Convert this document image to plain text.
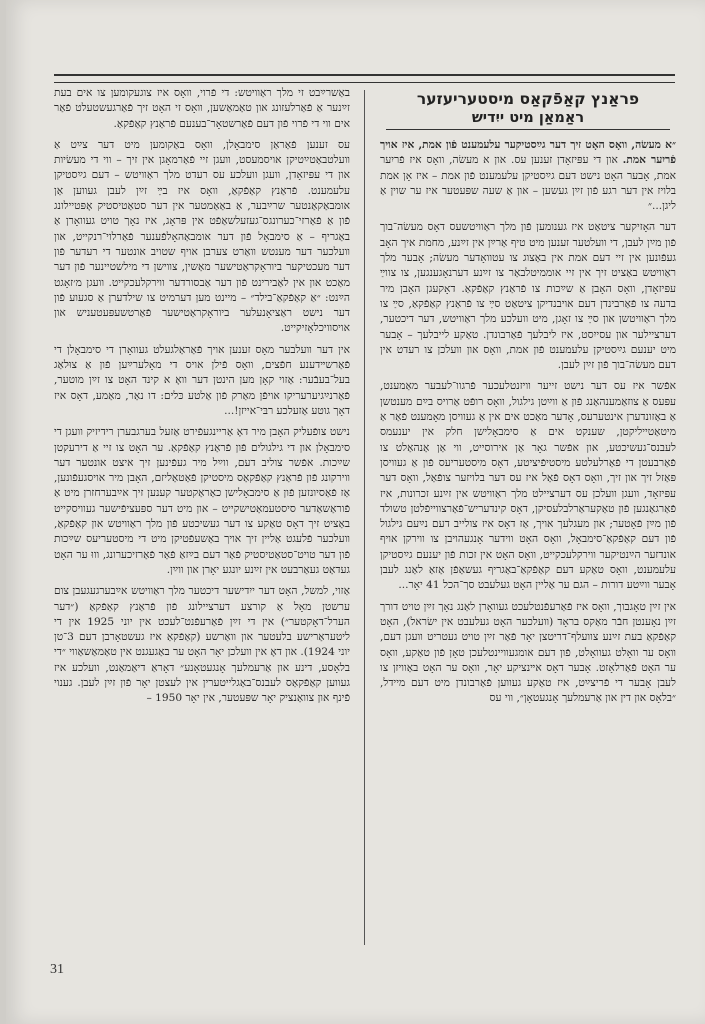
פראַנץ קאַפֿקאַס מיסטעריעזער
ראַמאַן מיט ייִדיש

״א מעשׂה, וואָס האָט זיך דער גײַסטיקער עלעמענט פֿון אמת, איז אויך פֿריִער אמת. און די עפּיזאָדן זענען עס. און א מעשׂה, וואָס איז פֿריִער אמת, אָבער האָט נישט דעם גײַסטיקן עלעמענט פֿון אמת – איז אָן אמת בלויז אין דער רגע פֿון זײַן געשען – און אַ שעה שפּעטער איז ער שוין אַ ליגן...״

דער האָזיקער ציטאַט איז גענומען פֿון מלך ראַוויטשעס דאָס מעשׂה־בוך פֿון מײַן לעבן, די וועלטער זענען מיט טיף אַרײַן אין זײַנע, מחמת איך האָב געפֿונען אין זיי דעם אמת אין באַצוג צו עטוואָדער מעשׂה; אָבער מלך ראַוויטש באַציט זיך אין זיי אוממיטלבאַר צו זײַנע דערנאָגענגען, צו צווײַ עפּיזאָדן, וואָס האָבן אַ שײַכות צו פֿראַנץ קאַפֿקאַ. דאָקעגן האָבן מיר בדעה צו פֿאַרבינדן דעם אויבנדיקן ציטאַט סײַ צו פֿראַנץ קאַפֿקאַ, סײַ צו מלך ראַוויטשן און סײַ צו זאָגן, מיט וועלכע מלך ראַוויטש, דער דיכטער, דערציילער און עסייִסט, איז ליבלעך פֿאַרבונדן. טאַקע לייבלעך – אָבער מיט יענעם גײַסטיקן עלעמענט פֿון אמת, וואָס און וועלכן צו רעדט אין דעם מעשׂה־בוך פֿון זײַן לעבן.

אפֿשר איז עס דער נישט זייער וויזנטלעכער פֿרגוו־לעבער מאַמענט, עפּעס אַ צוזאַמענהאַנג פֿון אַ ווײַטן גילגול, וואָס רופֿט אַרויס בײַם מענטשן אַ באַזונדערן אינטערעס, אָדער מאַכט אים אין אַ געוויסן מאָמענט פֿאַר אַ מיטאַטייליקטן, שענקט אים אַ סימבאָלישן חלק אין יענעמס לעבנס־געשיכטע, און אפֿשר גאָר אַן אירוסייט, ווי אַן אַנהאַלט צו פֿאַרבעטן די פֿאַרלעלטע מיסטיפֿיציטע, דאָס מיסטעריעס פֿון אַ געוויסן פּאַזל זיך און זיך, וואָס דאָס פֿאַל איז עס דער בלויזער צופֿאַל, וואָס דער עפּיזאָד, וועגן וועלכן עס דערציילט מלך ראַוויטש אין זײַנע זכרונות, איז פֿאַרגאַנגען פֿון טאַקעראַרלבלעסיקן, דאָס קינדעריש־פֿאַרצווייפֿלטן טשולד פֿון מײַן פֿאָטער; און מעגלעך אויך, אַז דאָס איז צולייב דעם נײַעם גילגול פֿון דעם קאַפֿקאַ־סימבאָל, וואָס האָט ווידער אָנגעהויבן צו ווירקן אויף אונדזער הײַנטיקער ווירקלעכקייט, וואָס האָט אין זכות פֿון יענעם גײַסטיקן עלעמענט, וואָס טאַקע דעם קאַפֿקאַ־באַגריף געשאַפֿן אַזאַ לאַנג לעבן אָבער ווײַטע דורות – הגם ער אַליין האָט געלעבט סך־הכל 41 יאָר...

אין זײַן טאָגבוך, וואָס איז פֿאַרעפֿנטלעכט געוואָרן לאַנג נאָך זײַן טויט דורך זײַן נאָענטן חבֿר מאַקס בראָד (וועלכער האָט געלעבט אין ישׂראל), האָט קאַפֿקאַ בעת זײַנע צוועלף־דריטצן יאָר פֿאַר זײַן טויט געטריט וועגן דעם, וואָס ער וואָלט געוואָלט, פֿון דעם אומגעוויינטלעכן טאָן פֿון טאַקע, וואָס ער האָט פֿאַרלאָזט. אָבער דאָס אײנציקע יאָר, וואָס ער האָט באַוויזן צו לעבן אָבער די פֿריצײַט, איז טאַקע געווען פֿאַרבונדן מיט דעם מיידל, ״בלאָס און דין און אַרעמלעך אָנגעטאָן״, ווי עס

באַשרײַבט זי מלך ראַוויטש: די פֿרוי, וואָס איז צוגעקומען צו אים בעת זײַנער אַ פֿאַרלעזונג און טאַמאַשען, וואָס זי האָט זיך פֿאַרגעשטעלט פֿאַר אים ווי די פֿרוי פֿון דעם פֿאַרשטאָר־בענעם פֿראַנץ קאַפֿקאַ.

עס זענען פֿאַראַן סימבאָלן, וואָס באַקומען מיט דער צײַט אַ וועלטבאַטײַטיקן אויסמעסט, וועגן זיי פֿאַרמאָגן אין זיך – ווי די מעשׂיות און די עפּיזאָדן, וועגן וועלכע עס רעדט מלך ראַוויטש – דעם גײַסטיקן עלעמענט. פֿראַנץ קאַפֿקאַ, וואָס איז בײַ זײַן לעבן געווען אַן אומבאַקאַנטער שרײַבער, אַ באַאַמטער אין דער סטאַטיסטיק אָפּטיילונג פֿון אַ פֿאַרזי־כערונגס־געזעלשאַפֿט אין פּראָג, איז נאָך טויט געוואָרן אַ באַגריף – אַ סימבאָל פֿון דער אומבאַהאָלפֿענער פֿאַרלוי־רנקייט, און וועלכער דער מענטש וואַרט צערבן אויף שטויב אונטער די רעדער פֿון דער מעכטיקער ביוראָקראַטישער מאַשין, צווישן די מילשטיינער פֿון דער מאַכט און אין לאַבירינט פֿון דער אַבסורדער ווירקלעכקייט. וועגן מ׳זאָגט הײַנט: ״אַ קאַפֿקאַ־בילד״ – מיינט מען דערמיט צו שילדערן אַ סגעוע פֿון דער נישט ראַציאָנעלער ביוראָקראַטישער פֿאַרטשעפּעטעניש און אויסוויכלאָזיקייט.

אין דער וועלבער מאָס זענען אויך פֿאַראַלגעלט געוואָרן די סימבאָלן די פֿאַרשײדענע חפֿצים, וואָס פֿילן אויס די מאָלערײַען פֿון אַ צוּלאַג בעל־בעבֿער: אַזוי קאָן מען הינטן דער וואָ א קינד האָט צו זײַן מוטער, פֿאַרנײַגיערעריקו אויפֿן מאַרק פֿון אַלטע כּלים: דו נאַר, מאַמע, דאָס איז דאָך גוטע אַזעלכע רבּי־אייזן!...

נישט צופֿעליק האָבן מיר דאָ אַריינגעפֿירט אַזעל בערגבערן רידיזיק וועגן די סימבאָלן און די גילגולים פֿון פֿראַנץ קאַפֿקאַ. ער האָט צו זיי אַ דירעקטן שײַכות. אפֿשר צוליב דעם, ווײַל מיר געפֿינען זיך איצט אונטער דער ווירקונג פֿון פֿראַנץ קאַפֿקאַס מיסטיקן פֿאַטאַליזם, האָבן מיר אויסגעפֿונען, אַז פֿאַסיונזען פֿון אַ סימבאָלישן כאַראַקטער קענען זיך אײַבערחזרן מיט אַ פֿוראַשאַדער סיסטעמאַטישקייט – און מיט דער ספּעציפֿישער געוויסקייט באַציט זיך דאָס טאַקע צו דער געשיכטע פֿון מלך ראַוויטש און קאַפֿקאַ, וועלכער פֿלעגט אַליין זיך אויך באַשעפֿטיקן מיט די מיסטעריעס שײַכות פֿון דער טויט־סטאַטיסטיק פֿאַר דעם בײַזאַ פֿאַר פֿאַרזיכערונג, וווּ ער האָט געדאַט געאַרבעט אין זײַנע יונגע יאָרן און ווײַן.

אַזוי, למשל, האָט דער ייִדישער דיכטער מלך ראַוויטש אײַבערגעגעבן צום ערשטן מאָל אַ קורצע דערציילונג פֿון פֿראַנץ קאַפֿקאַ (״דער הערל־דאָקטער״) אין די זײַן פֿאַרעפֿנט־לעכט אין יוני 1925 אין די ליטעראַרישע בלעטער און וואַרשע (קאַפֿקאַ איז געשטאָרבן דעם 3־טן יוני 1924). און דאָ אין וועלכן יאָר האָט ער באַגעגנט אין טאַמאַשאַווי ״די בלאָסע, דינע און אַרעמלעך אָנגעטאָנע״ דאָראַ דיאַמאַנט, וועלכע איז געווען קאַפֿקאַס לעבנס־באַגלייטערין אין לעצטן יאָר פֿון זײַן לעבן. גענוי פֿינף און צוואַנציק יאָר שפּעטער, אין יאָר 1950 –

31
